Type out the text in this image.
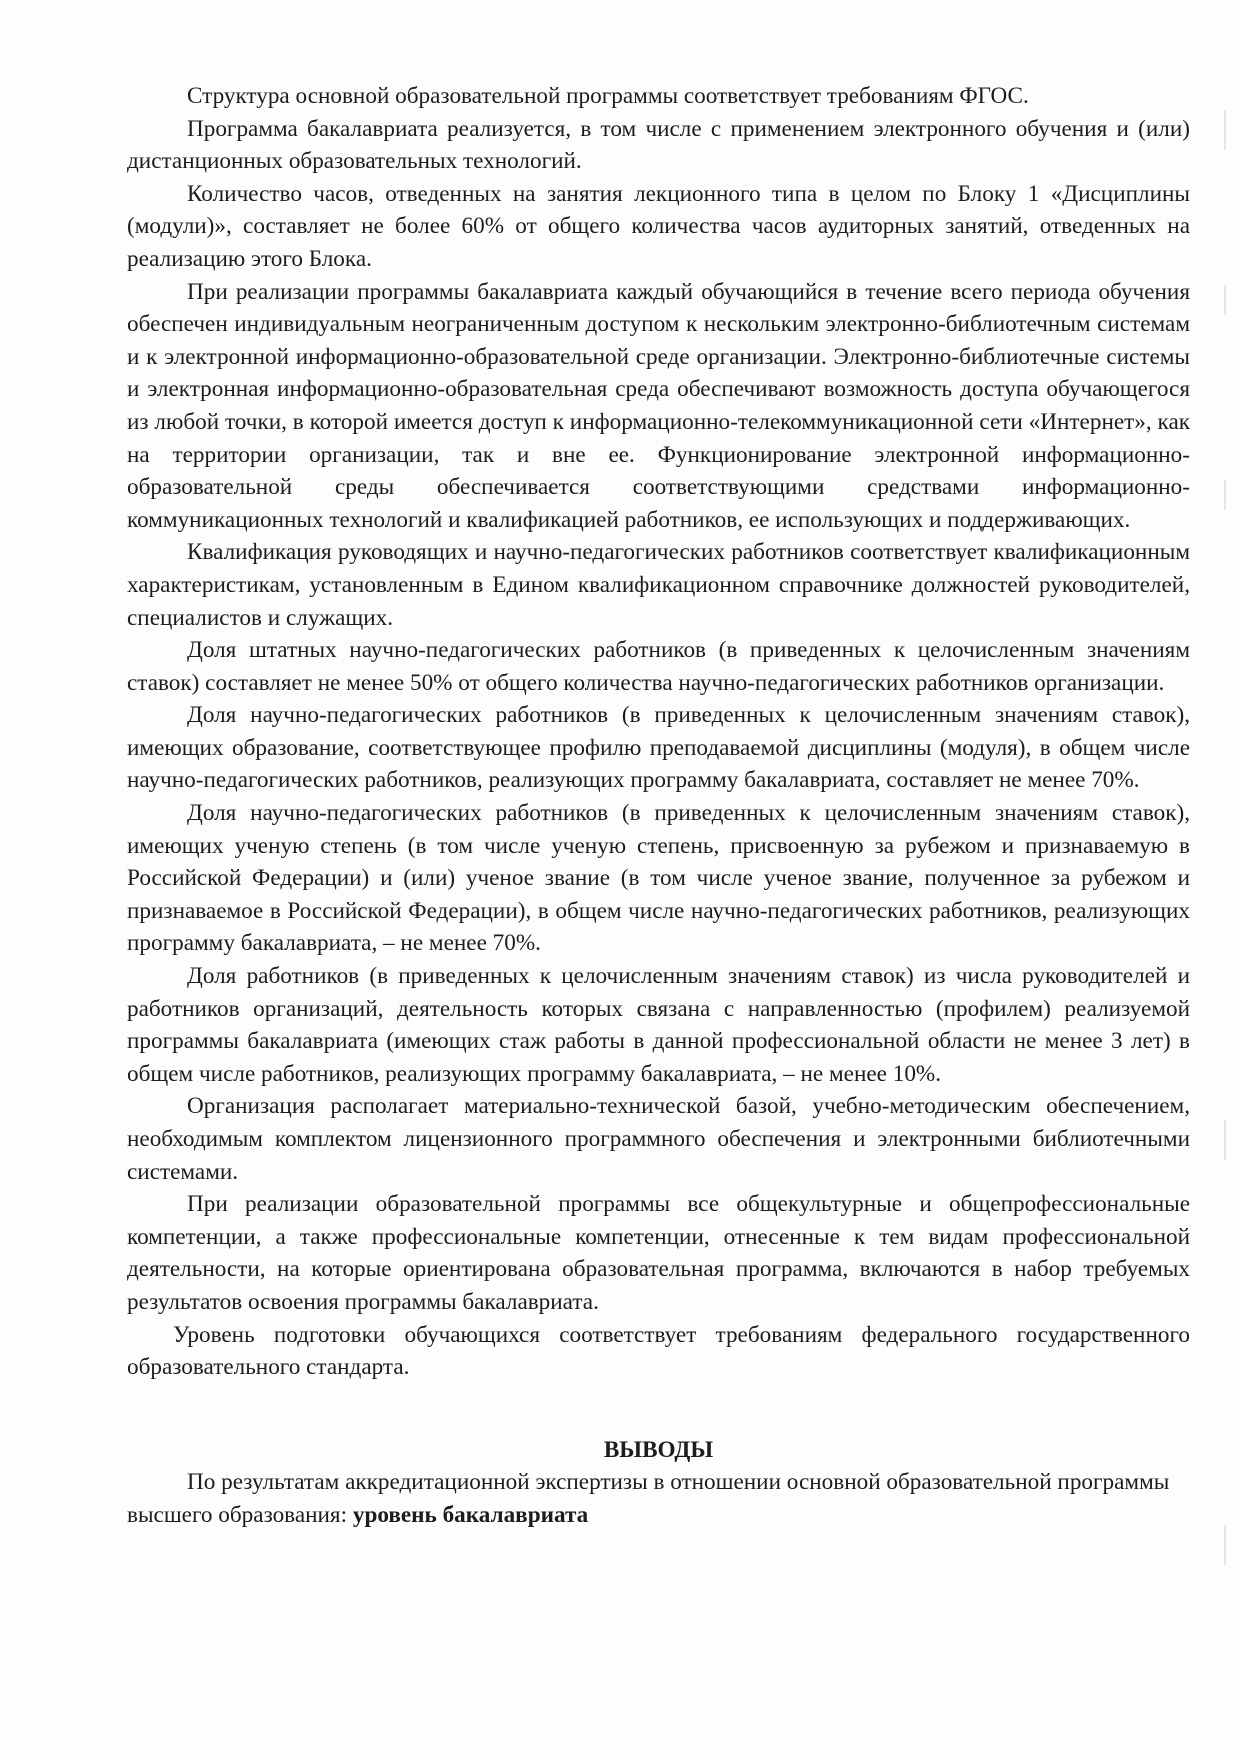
Структура основной образовательной программы соответствует требованиям ФГОС.

Программа бакалавриата реализуется, в том числе с применением электронного обучения и (или) дистанционных образовательных технологий.

Количество часов, отведенных на занятия лекционного типа в целом по Блоку 1 «Дисциплины (модули)», составляет не более 60% от общего количества часов аудиторных занятий, отведенных на реализацию этого Блока.

При реализации программы бакалавриата каждый обучающийся в течение всего периода обучения обеспечен индивидуальным неограниченным доступом к нескольким электронно-библиотечным системам и к электронной информационно-образовательной среде организации. Электронно-библиотечные системы и электронная информационно-образовательная среда обеспечивают возможность доступа обучающегося из любой точки, в которой имеется доступ к информационно-телекоммуникационной сети «Интернет», как на территории организации, так и вне ее. Функционирование электронной информационно-образовательной среды обеспечивается соответствующими средствами информационно-коммуникационных технологий и квалификацией работников, ее использующих и поддерживающих.

Квалификация руководящих и научно-педагогических работников соответствует квалификационным характеристикам, установленным в Едином квалификационном справочнике должностей руководителей, специалистов и служащих.

Доля штатных научно-педагогических работников (в приведенных к целочисленным значениям ставок) составляет не менее 50% от общего количества научно-педагогических работников организации.

Доля научно-педагогических работников (в приведенных к целочисленным значениям ставок), имеющих образование, соответствующее профилю преподаваемой дисциплины (модуля), в общем числе научно-педагогических работников, реализующих программу бакалавриата, составляет не менее 70%.

Доля научно-педагогических работников (в приведенных к целочисленным значениям ставок), имеющих ученую степень (в том числе ученую степень, присвоенную за рубежом и признаваемую в Российской Федерации) и (или) ученое звание (в том числе ученое звание, полученное за рубежом и признаваемое в Российской Федерации), в общем числе научно-педагогических работников, реализующих программу бакалавриата, – не менее 70%.

Доля работников (в приведенных к целочисленным значениям ставок) из числа руководителей и работников организаций, деятельность которых связана с направленностью (профилем) реализуемой программы бакалавриата (имеющих стаж работы в данной профессиональной области не менее 3 лет) в общем числе работников, реализующих программу бакалавриата, – не менее 10%.

Организация располагает материально-технической базой, учебно-методическим обеспечением, необходимым комплектом лицензионного программного обеспечения и электронными библиотечными системами.

При реализации образовательной программы все общекультурные и общепрофессиональные компетенции, а также профессиональные компетенции, отнесенные к тем видам профессиональной деятельности, на которые ориентирована образовательная программа, включаются в набор требуемых результатов освоения программы бакалавриата.

Уровень подготовки обучающихся соответствует требованиям федерального государственного образовательного стандарта.

ВЫВОДЫ

По результатам аккредитационной экспертизы в отношении основной образовательной программы высшего образования: уровень бакалавриата
